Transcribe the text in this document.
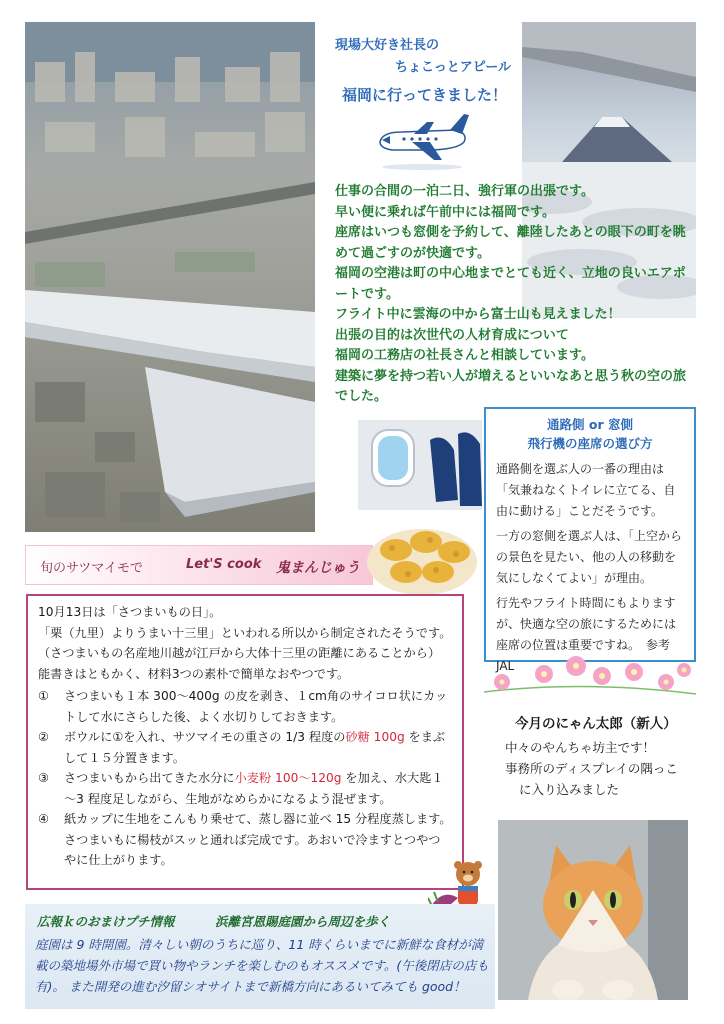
現場大好き社長の
ちょこっとアピール
福岡に行ってきました！

仕事の合間の一泊二日、強行軍の出張です。

早い便に乗れば午前中には福岡です。

座席はいつも窓側を予約して、離陸したあとの眼下の町を眺めて過ごすのが快適です。

福岡の空港は町の中心地までとても近く、立地の良いエアポートです。

フライト中に雲海の中から富士山も見えました！

出張の目的は次世代の人材育成について

福岡の工務店の社長さんと相談しています。

建築に夢を持つ若い人が増えるといいなあと思う秋の空の旅でした。

通路側 or 窓側
飛行機の座席の選び方

通路側を選ぶ人の一番の理由は「気兼ねなくトイレに立てる、自由に動ける」ことだそうです。

一方の窓側を選ぶ人は、「上空からの景色を見たい、他の人の移動を気にしなくてよい」が理由。

行先やフライト時間にもよりますが、快適な空の旅にするためには座席の位置は重要ですね。　 参考 JAL

旬のサツマイモで	Let'S cook 鬼まんじゅう

10月13日は「さつまいもの日」。

「栗（九里）よりうまい十三里」といわれる所以から制定されたそうです。

（さつまいもの名産地川越が江戸から大体十三里の距離にあることから）

能書きはともかく、材料3つの素朴で簡単なおやつです。

① さつまいも１本 300～400g の皮を剥き、１cm角のサイコロ状にカットして水にさらした後、よく水切りしておきます。
② ボウルに①を入れ、サツマイモの重さの 1/3 程度の砂糖 100g をまぶして１５分置きます。
③ さつまいもから出てきた水分に小麦粉 100～120g を加え、水大匙１～3 程度足しながら、生地がなめらかになるよう混ぜます。
④ 紙カップに生地をこんもり乗せて、蒸し器に並べ 15 分程度蒸します。さつまいもに楊枝がスッと通れば完成です。あおいで冷ますとつやつやに仕上がります。
広報ｋのおまけプチ情報	浜離宮恩賜庭園から周辺を歩く
庭園は 9 時開園。清々しい朝のうちに巡り、11 時くらいまでに新鮮な食材が満載の築地場外市場で買い物やランチを楽しむのもオススメです。(午後閉店の店も有)。 また開発の進む汐留シオサイトまで新橋方向にあるいてみても good！
今月のにゃん太郎（新人）
中々のやんちゃ坊主です！
事務所のディスプレイの隅っこ
に入り込みました
